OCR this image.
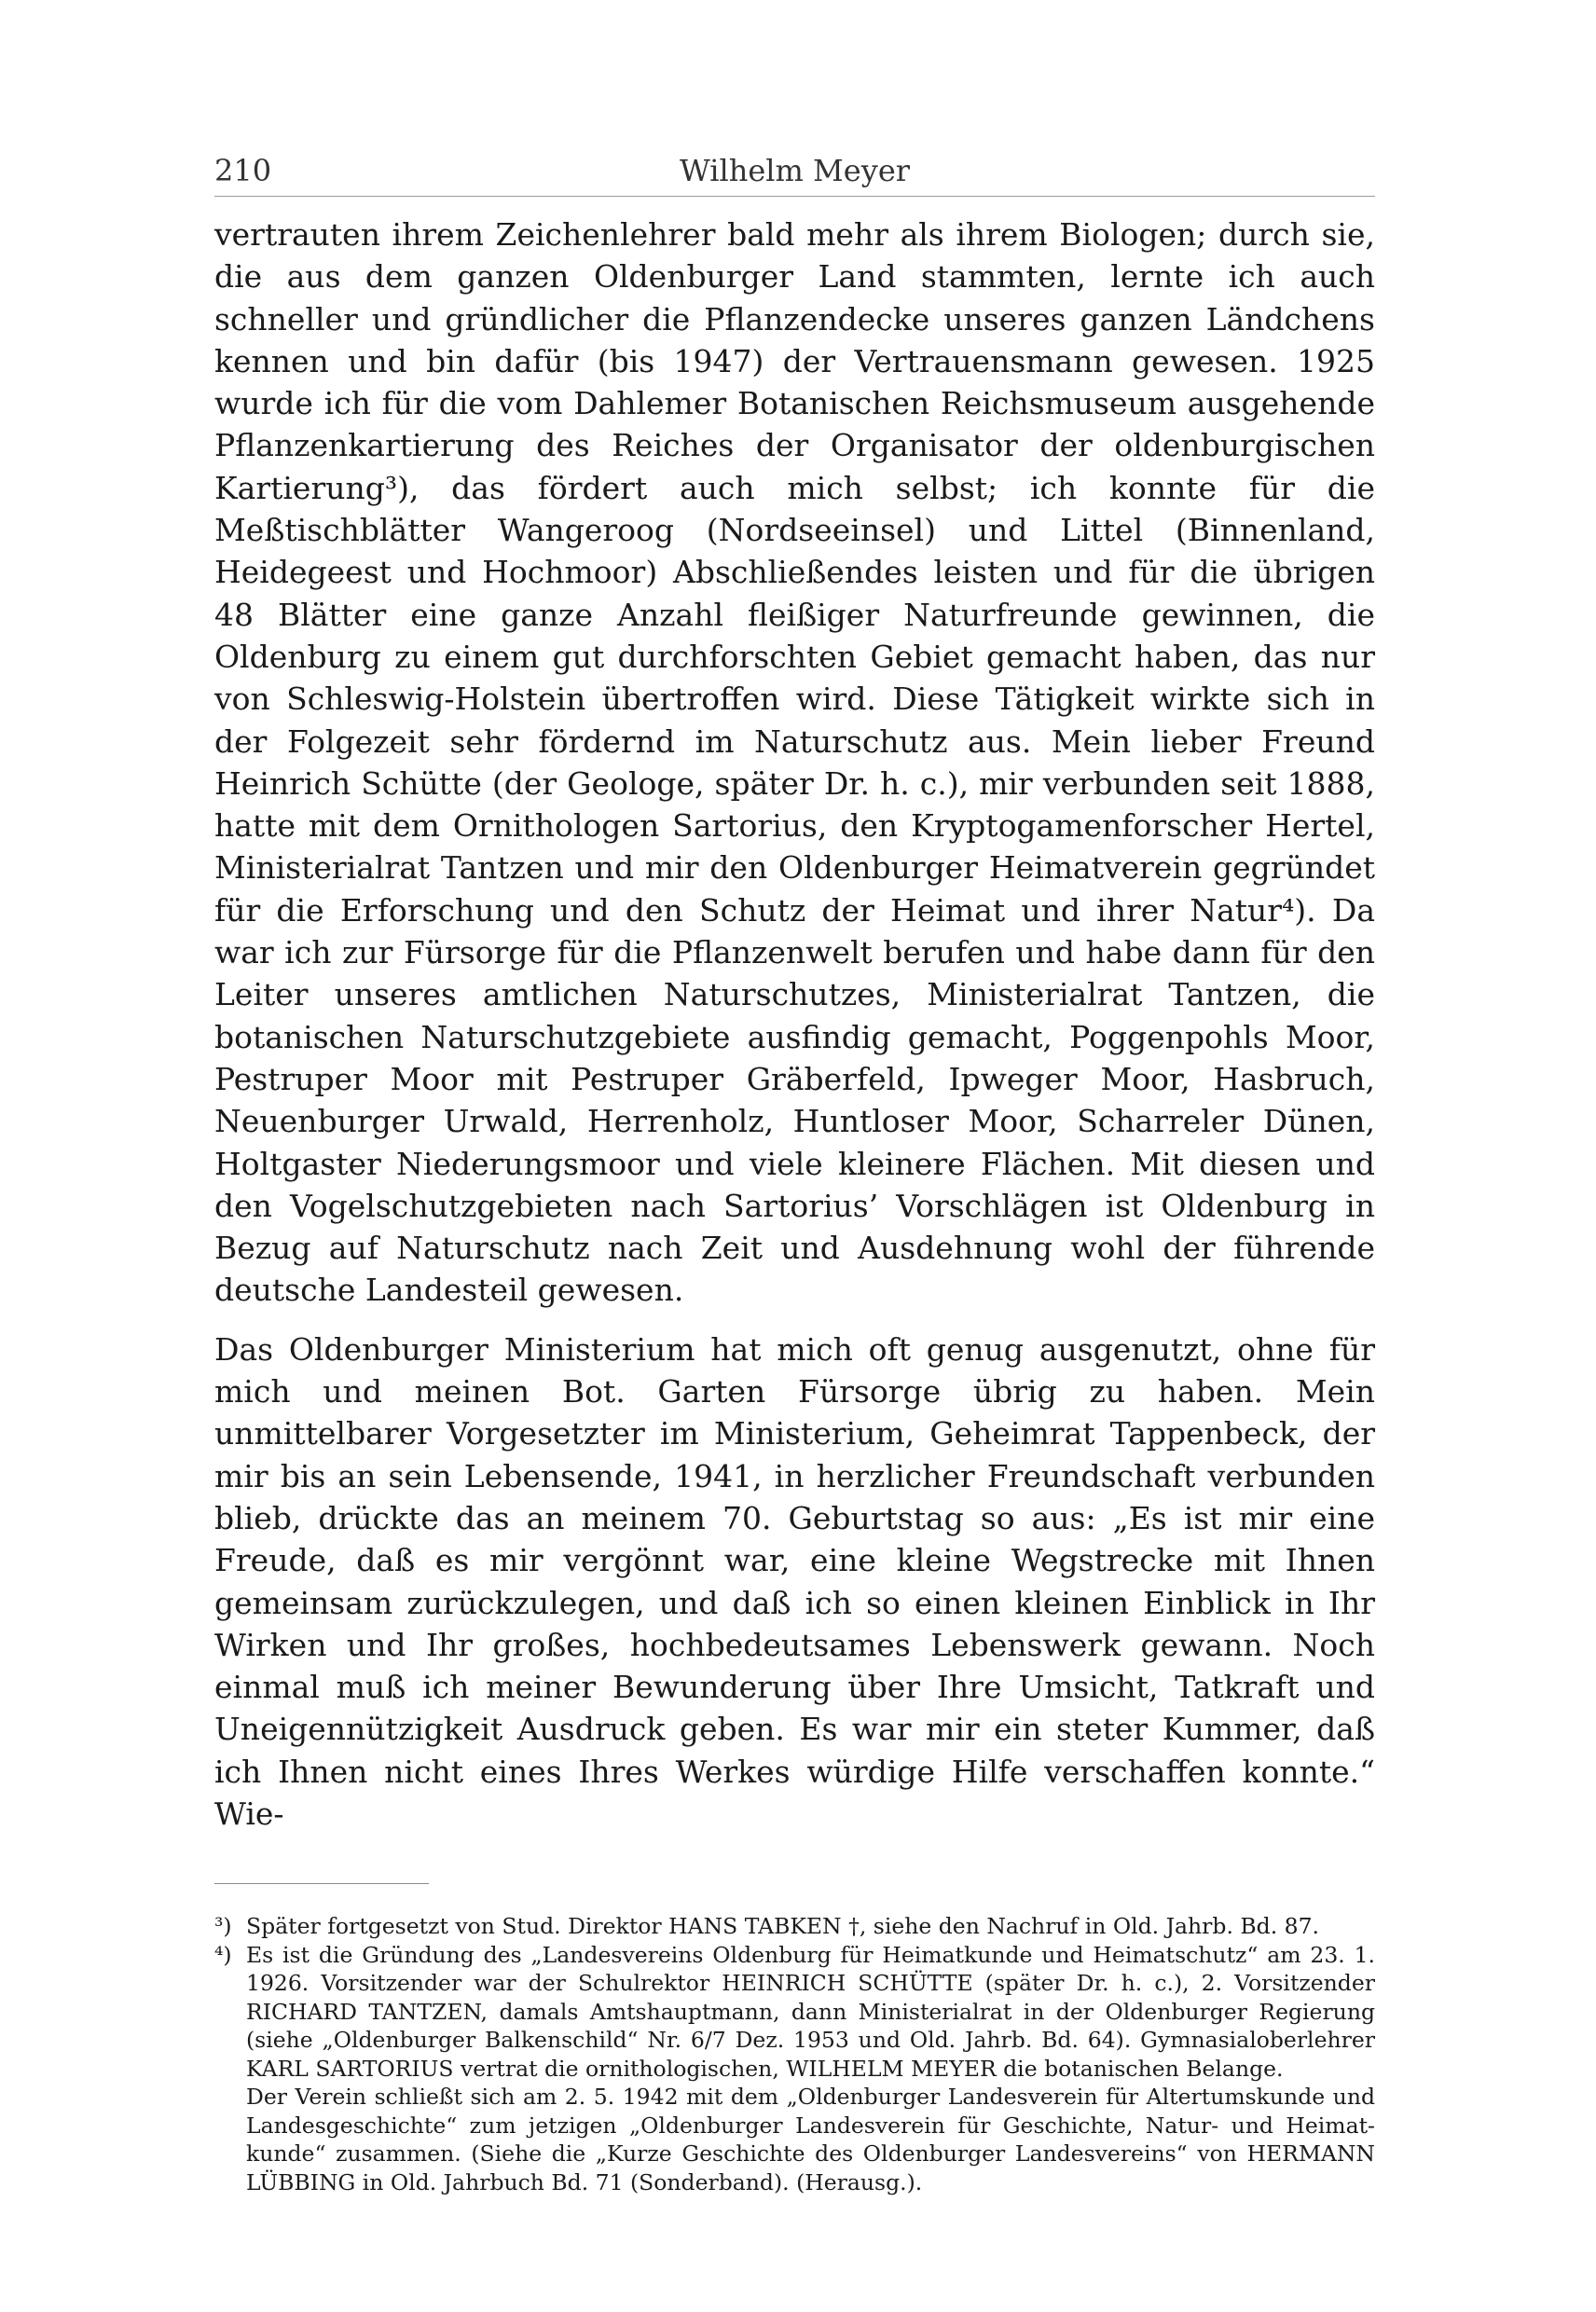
210	Wilhelm Meyer

vertrauten ihrem Zeichenlehrer bald mehr als ihrem Biologen; durch sie, die aus dem ganzen Oldenburger Land stammten, lernte ich auch schneller und gründlicher die Pflanzendecke unseres ganzen Ländchens kennen und bin dafür (bis 1947) der Vertrauensmann gewesen. 1925 wurde ich für die vom Dahlemer Botanischen Reichsmuseum ausgehende Pflanzenkartierung des Reiches der Organisator der oldenburgischen Kartierung³), das fördert auch mich selbst; ich konnte für die Meßtischblätter Wangeroog (Nordseeinsel) und Littel (Binnenland, Heidegeest und Hochmoor) Abschließendes leisten und für die übrigen 48 Blätter eine ganze Anzahl fleißiger Naturfreunde gewinnen, die Oldenburg zu einem gut durchforschten Gebiet gemacht haben, das nur von Schleswig-Holstein übertroffen wird. Diese Tätigkeit wirkte sich in der Folgezeit sehr fördernd im Naturschutz aus. Mein lieber Freund Heinrich Schütte (der Geologe, später Dr. h. c.), mir verbunden seit 1888, hatte mit dem Ornithologen Sartorius, den Kryptogamenforscher Hertel, Ministerialrat Tantzen und mir den Oldenburger Heimatverein gegründet für die Erforschung und den Schutz der Heimat und ihrer Natur⁴). Da war ich zur Fürsorge für die Pflanzenwelt berufen und habe dann für den Leiter unseres amtlichen Naturschutzes, Ministerialrat Tantzen, die botanischen Naturschutzgebiete ausfindig gemacht, Poggenpohls Moor, Pestruper Moor mit Pestruper Gräberfeld, Ipweger Moor, Hasbruch, Neuenburger Urwald, Herrenholz, Huntloser Moor, Scharreler Dünen, Holtgaster Niederungsmoor und viele kleinere Flächen. Mit diesen und den Vogelschutzgebieten nach Sartorius’ Vorschlägen ist Oldenburg in Bezug auf Naturschutz nach Zeit und Ausdehnung wohl der führende deutsche Landesteil gewesen.

Das Oldenburger Ministerium hat mich oft genug ausgenutzt, ohne für mich und meinen Bot. Garten Fürsorge übrig zu haben. Mein unmittelbarer Vorgesetzter im Ministerium, Geheimrat Tappenbeck, der mir bis an sein Lebensende, 1941, in herzlicher Freundschaft verbunden blieb, drückte das an meinem 70. Geburtstag so aus: „Es ist mir eine Freude, daß es mir vergönnt war, eine kleine Wegstrecke mit Ihnen gemeinsam zurückzulegen, und daß ich so einen kleinen Einblick in Ihr Wirken und Ihr großes, hochbedeutsames Lebenswerk gewann. Noch einmal muß ich meiner Bewunderung über Ihre Umsicht, Tatkraft und Uneigennützigkeit Ausdruck geben. Es war mir ein steter Kummer, daß ich Ihnen nicht eines Ihres Werkes würdige Hilfe verschaffen konnte.“ Wie-

³) Später fortgesetzt von Stud. Direktor HANS TABKEN †, siehe den Nachruf in Old. Jahrb. Bd. 87.

⁴) Es ist die Gründung des „Landesvereins Oldenburg für Heimatkunde und Heimatschutz“ am 23. 1. 1926. Vorsitzender war der Schulrektor HEINRICH SCHÜTTE (später Dr. h. c.), 2. Vorsitzender RICHARD TANTZEN, damals Amtshauptmann, dann Ministerialrat in der Oldenburger Regierung (siehe „Oldenburger Balkenschild“ Nr. 6/7 Dez. 1953 und Old. Jahrb. Bd. 64). Gymnasialoberlehrer KARL SARTORIUS vertrat die ornithologischen, WILHELM MEYER die botanischen Belange.

Der Verein schließt sich am 2. 5. 1942 mit dem „Oldenburger Landesverein für Altertumskunde und Landesgeschichte“ zum jetzigen „Oldenburger Landesverein für Geschichte, Natur- und Heimatkunde“ zusammen. (Siehe die „Kurze Geschichte des Oldenburger Landesvereins“ von HERMANN LÜBBING in Old. Jahrbuch Bd. 71 (Sonderband). (Herausg.).
